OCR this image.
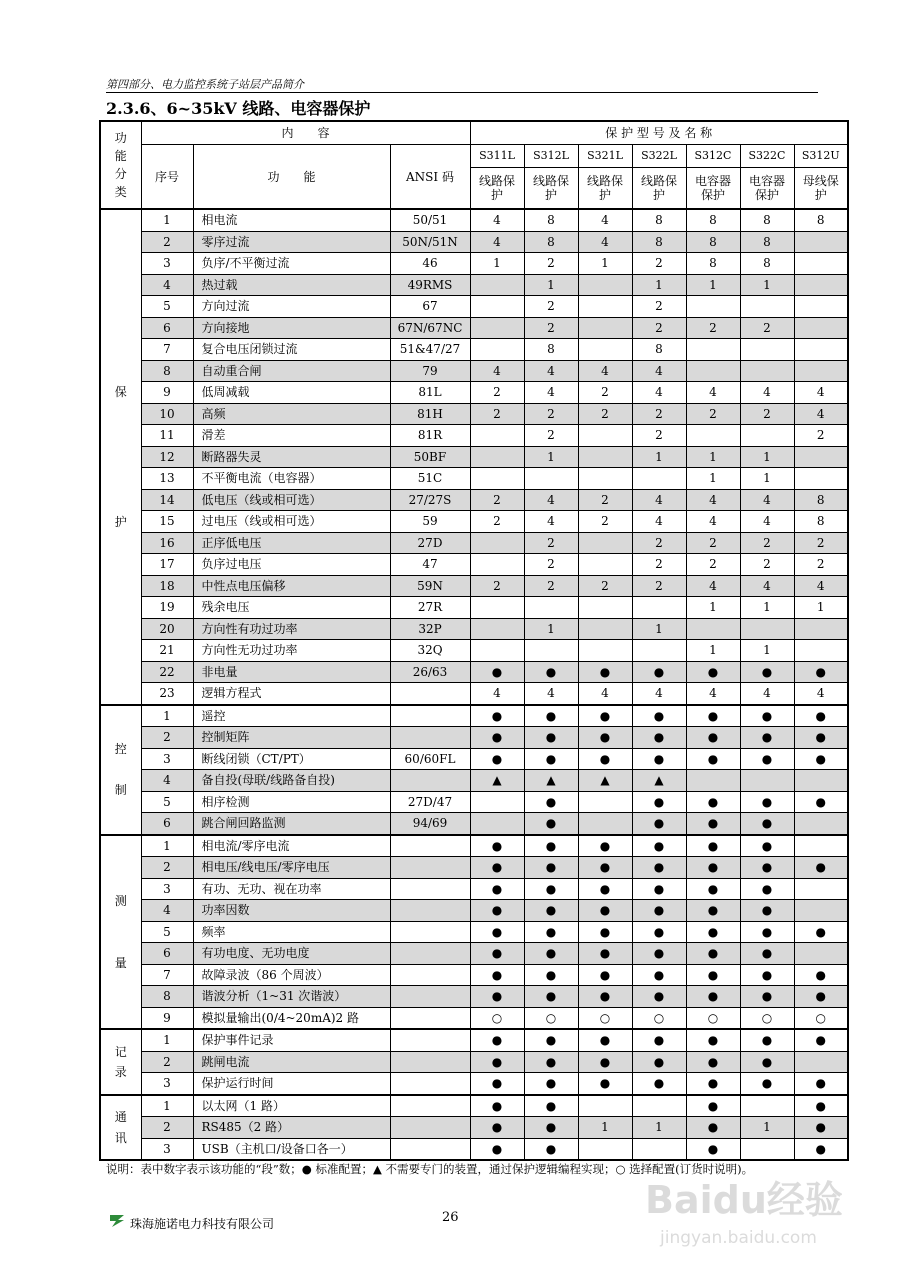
第四部分、电力监控系统子站层产品简介
2.3.6、6~35kV 线路、电容器保护
功
能
分
类	内　　容			保 护 型 号 及 名 称						
	序号	功　　能	ANSI 码	S311L	S312L	S321L	S322L	S312C	S322C	S312U
				线路保护	线路保护	线路保护	线路保护	电容器保护	电容器保护	母线保护

保
护	1	相电流	50/51	4	8	4	8	8	8	8
	2	零序过流	50N/51N	4	8	4	8	8	8	
	3	负序/不平衡过流	46	1	2	1	2	8	8	
	4	热过载	49RMS		1		1	1	1	
	5	方向过流	67		2		2			
	6	方向接地	67N/67NC		2		2	2	2	
	7	复合电压闭锁过流	51&47/27		8		8			
	8	自动重合闸	79	4	4	4	4			
	9	低周减载	81L	2	4	2	4	4	4	4
	10	高频	81H	2	2	2	2	2	2	4
	11	滑差	81R		2		2			2
	12	断路器失灵	50BF		1		1	1	1	
	13	不平衡电流（电容器）	51C					1	1	
	14	低电压（线或相可选）	27/27S	2	4	2	4	4	4	8
	15	过电压（线或相可选）	59	2	4	2	4	4	4	8
	16	正序低电压	27D		2		2	2	2	2
	17	负序过电压	47		2		2	2	2	2
	18	中性点电压偏移	59N	2	2	2	2	4	4	4
	19	残余电压	27R					1	1	1
	20	方向性有功过功率	32P		1		1			
	21	方向性无功过功率	32Q					1	1	
	22	非电量	26/63	●	●	●	●	●	●	●
	23	逻辑方程式		4	4	4	4	4	4	4

控
制	1	遥控		●	●	●	●	●	●	●
	2	控制矩阵		●	●	●	●	●	●	●
	3	断线闭锁（CT/PT）	60/60FL	●	●	●	●	●	●	●
	4	备自投(母联/线路备自投)		▲	▲	▲	▲			
	5	相序检测	27D/47		●		●	●	●	●
	6	跳合闸回路监测	94/69		●		●	●	●	

测
量	1	相电流/零序电流		●	●	●	●	●	●	
	2	相电压/线电压/零序电压		●	●	●	●	●	●	●
	3	有功、无功、视在功率		●	●	●	●	●	●	
	4	功率因数		●	●	●	●	●	●	
	5	频率		●	●	●	●	●	●	●
	6	有功电度、无功电度		●	●	●	●	●	●	
	7	故障录波（86 个周波）		●	●	●	●	●	●	●
	8	谐波分析（1~31 次谐波）		●	●	●	●	●	●	●
	9	模拟量输出(0/4~20mA)2 路		○	○	○	○	○	○	○

记
录	1	保护事件记录		●	●	●	●	●	●	●
	2	跳闸电流		●	●	●	●	●	●	
	3	保护运行时间		●	●	●	●	●	●	●

通
讯	1	以太网（1 路）		●	●			●		●
	2	RS485（2 路）		●	●	1	1	●	1	●
	3	USB（主机口/设备口各一）		●	●			●		●
说明：表中数字表示该功能的“段”数；● 标准配置；▲ 不需要专门的装置，通过保护逻辑编程实现；○ 选择配置(订货时说明)。
珠海施诺电力科技有限公司	26	Baidu经验
jingyan.baidu.com
